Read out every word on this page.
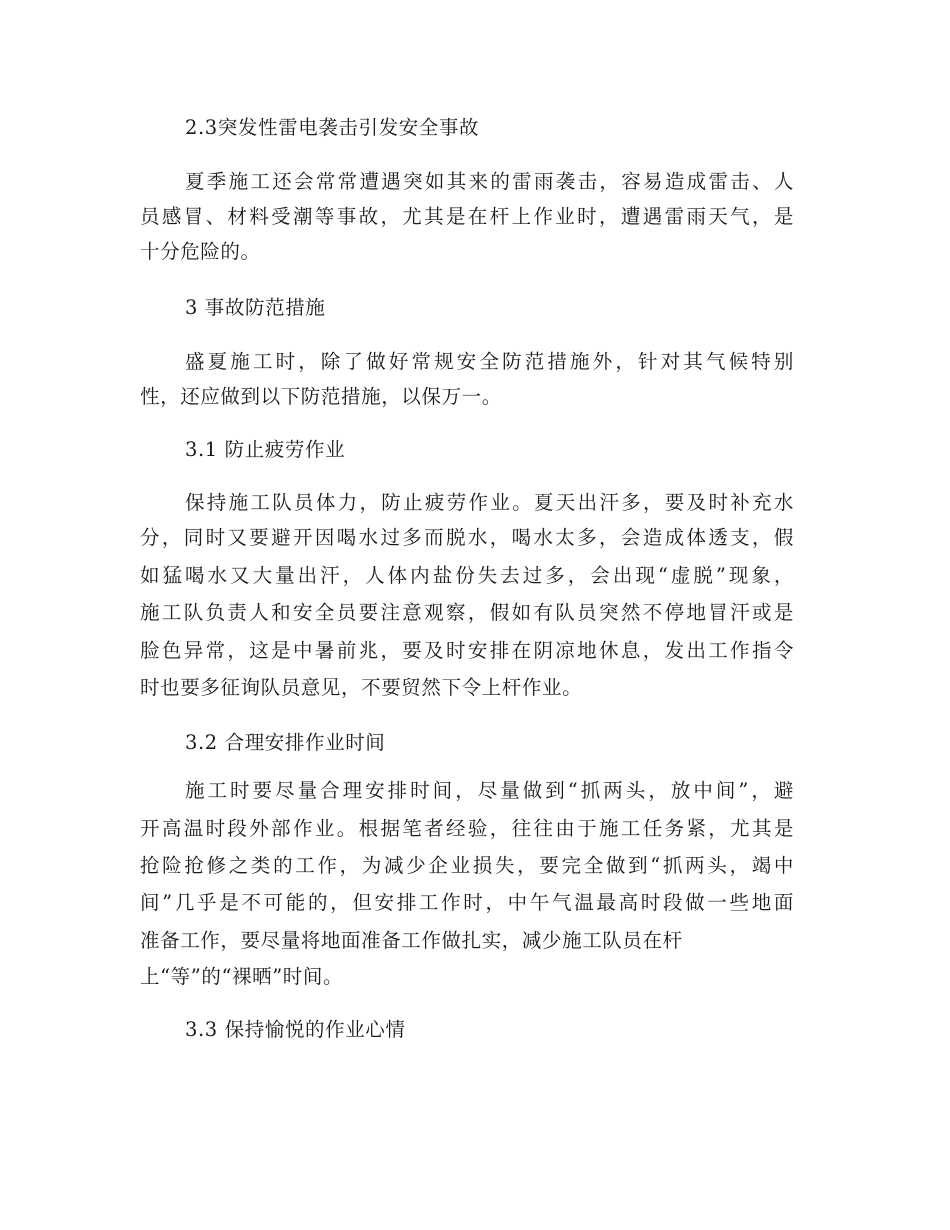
2.3突发性雷电袭击引发安全事故
夏季施工还会常常遭遇突如其来的雷雨袭击，容易造成雷击、人
员感冒、材料受潮等事故，尤其是在杆上作业时，遭遇雷雨天气，是
十分危险的。
3 事故防范措施
盛夏施工时，除了做好常规安全防范措施外，针对其气候特别
性，还应做到以下防范措施，以保万一。
3.1 防止疲劳作业
保持施工队员体力，防止疲劳作业。夏天出汗多，要及时补充水
分，同时又要避开因喝水过多而脱水，喝水太多，会造成体透支，假
如猛喝水又大量出汗，人体内盐份失去过多，会出现“虚脱”现象，
施工队负责人和安全员要注意观察，假如有队员突然不停地冒汗或是
脸色异常，这是中暑前兆，要及时安排在阴凉地休息，发出工作指令
时也要多征询队员意见，不要贸然下令上杆作业。
3.2 合理安排作业时间
施工时要尽量合理安排时间，尽量做到“抓两头，放中间”，避
开高温时段外部作业。根据笔者经验，往往由于施工任务紧，尤其是
抢险抢修之类的工作，为减少企业损失，要完全做到“抓两头，竭中
间”几乎是不可能的，但安排工作时，中午气温最高时段做一些地面
准备工作，要尽量将地面准备工作做扎实，减少施工队员在杆
上“等”的“裸晒”时间。
3.3 保持愉悦的作业心情
